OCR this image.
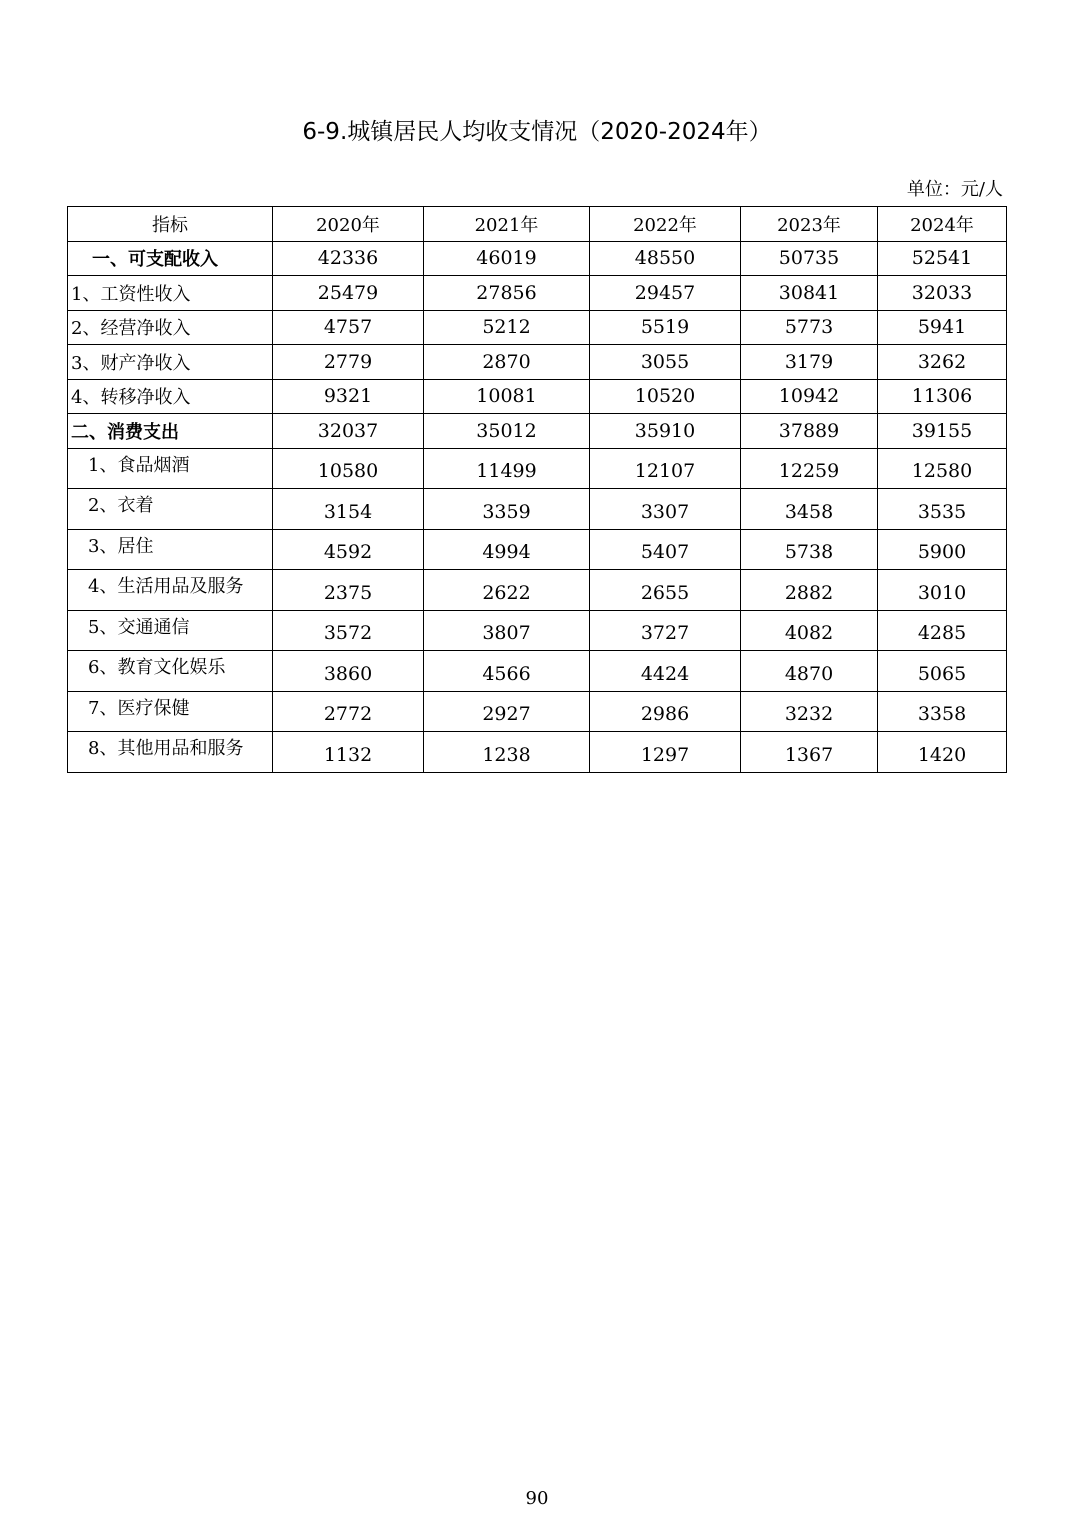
6-9.城镇居民人均收支情况（2020-2024年）
单位：元/人
指标	2020年	2021年	2022年	2023年	2024年
一、可支配收入	42336	46019	48550	50735	52541
1、工资性收入	25479	27856	29457	30841	32033
2、经营净收入	4757	5212	5519	5773	5941
3、财产净收入	2779	2870	3055	3179	3262
4、转移净收入	9321	10081	10520	10942	11306
二、消费支出	32037	35012	35910	37889	39155
1、食品烟酒	10580	11499	12107	12259	12580
2、衣着	3154	3359	3307	3458	3535
3、居住	4592	4994	5407	5738	5900
4、生活用品及服务	2375	2622	2655	2882	3010
5、交通通信	3572	3807	3727	4082	4285
6、教育文化娱乐	3860	4566	4424	4870	5065
7、医疗保健	2772	2927	2986	3232	3358
8、其他用品和服务	1132	1238	1297	1367	1420
90
